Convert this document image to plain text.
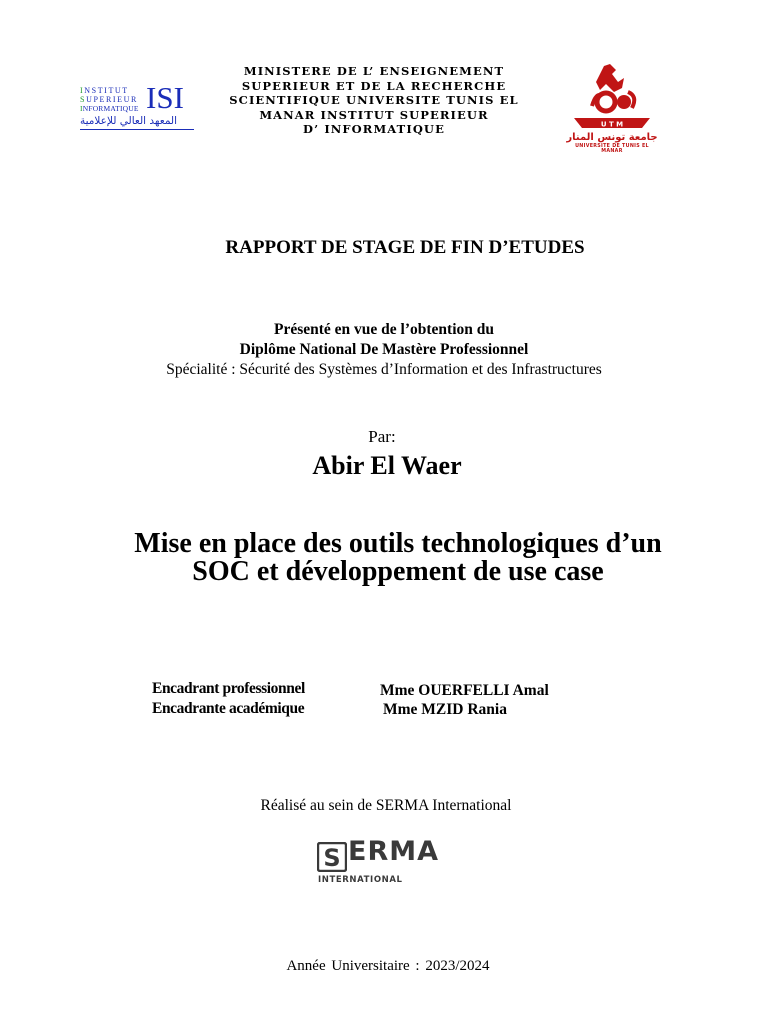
INSTITUT
SUPERIEUR
INFORMATIQUE ISI
المعهد العالي للإعلامية
MINISTERE DE L’ ENSEIGNEMENT
SUPERIEUR ET DE LA RECHERCHE
SCIENTIFIQUE UNIVERSITE TUNIS EL
MANAR INSTITUT SUPERIEUR
D’ INFORMATIQUE	U T M
جامعة تونس المنار
UNIVERSITE DE TUNIS EL MANAR
RAPPORT DE STAGE DE FIN D’ETUDES
Présenté en vue de l’obtention du
Diplôme National De Mastère Professionnel
Spécialité : Sécurité des Systèmes d’Information et des Infrastructures
Par:
Abir El Waer
Mise en place des outils technologiques d’un
SOC et développement de use case
Encadrant professionnel
Encadrante académique
Mme OUERFELLI Amal
Mme MZID Rania
Réalisé au sein de SERMA International
S ERMA
INTERNATIONAL
Année Universitaire : 2023/2024
